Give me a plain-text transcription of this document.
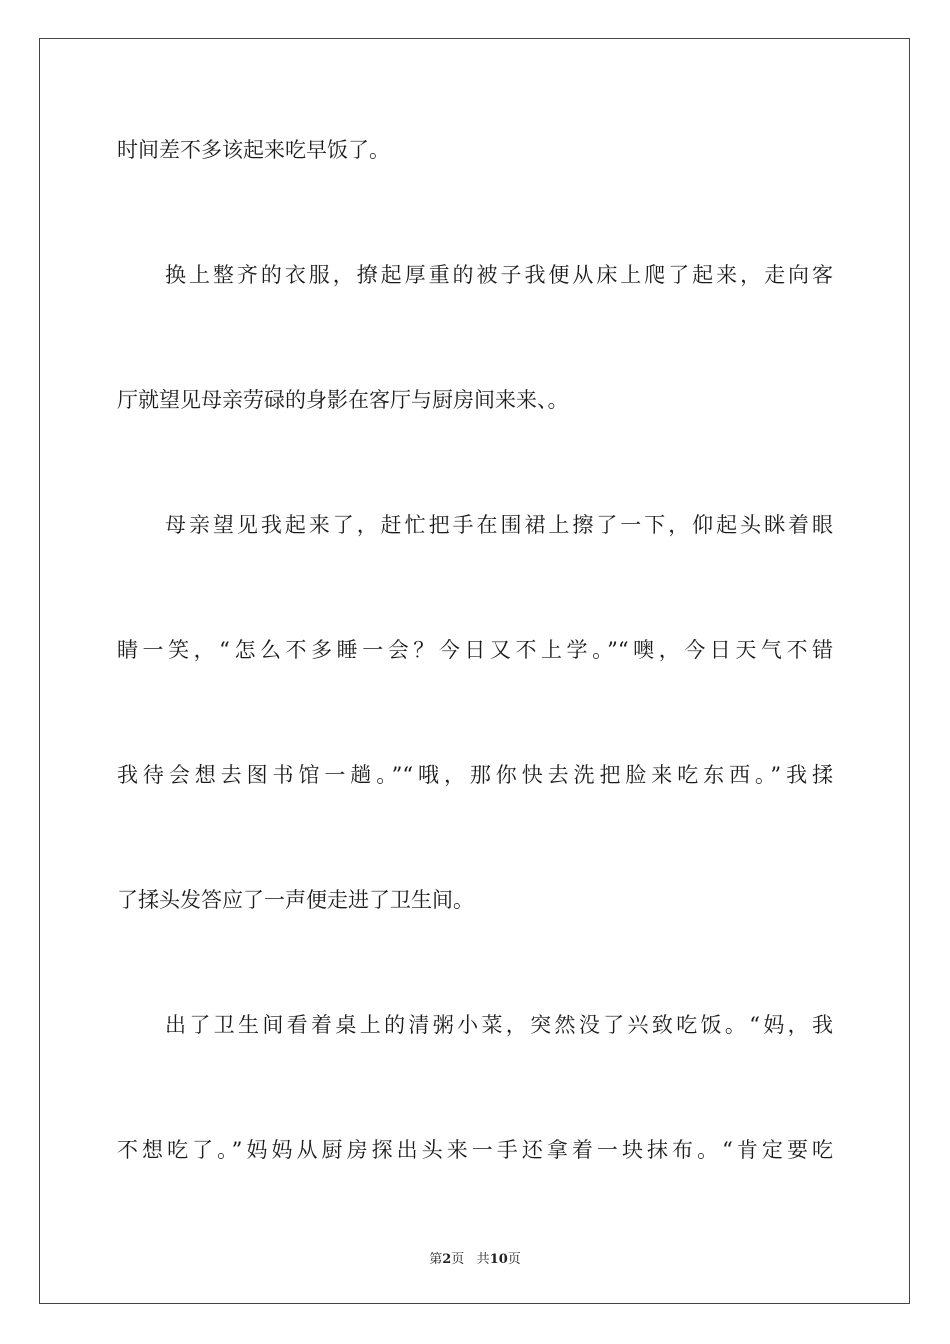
时间差不多该起来吃早饭了。
换上整齐的衣服，撩起厚重的被子我便从床上爬了起来，走向客
厅就望见母亲劳碌的身影在客厅与厨房间来来、。
母亲望见我起来了，赶忙把手在围裙上擦了一下，仰起头眯着眼
睛一笑，“怎么不多睡一会？今日又不上学。”“噢，今日天气不错
我待会想去图书馆一趟。”“哦，那你快去洗把脸来吃东西。”我揉
了揉头发答应了一声便走进了卫生间。
出了卫生间看着桌上的清粥小菜，突然没了兴致吃饭。“妈，我
不想吃了。”妈妈从厨房探出头来一手还拿着一块抹布。“肯定要吃
第2页 共10页
